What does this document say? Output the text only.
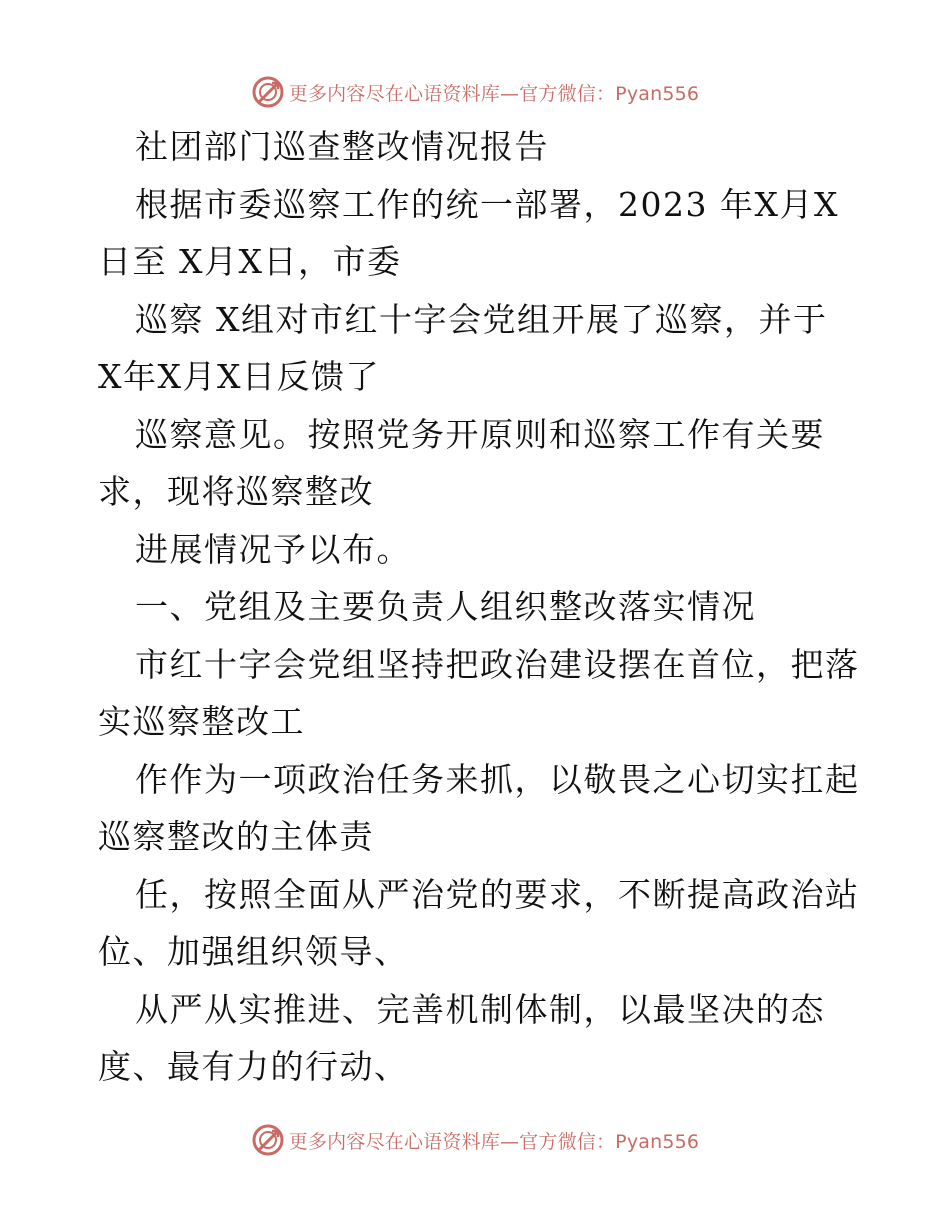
更多内容尽在心语资料库—官方微信：Pyan556
社团部门巡查整改情况报告
根据市委巡察工作的统一部署，2023 年X月X
日至 X月X日，市委
巡察 X组对市红十字会党组开展了巡察，并于
X年X月X日反馈了
巡察意见。按照党务开原则和巡察工作有关要
求，现将巡察整改
进展情况予以布。
一、党组及主要负责人组织整改落实情况
市红十字会党组坚持把政治建设摆在首位，把落
实巡察整改工
作作为一项政治任务来抓，以敬畏之心切实扛起
巡察整改的主体责
任，按照全面从严治党的要求，不断提高政治站
位、加强组织领导、
从严从实推进、完善机制体制，以最坚决的态
度、最有力的行动、
更多内容尽在心语资料库—官方微信：Pyan556
